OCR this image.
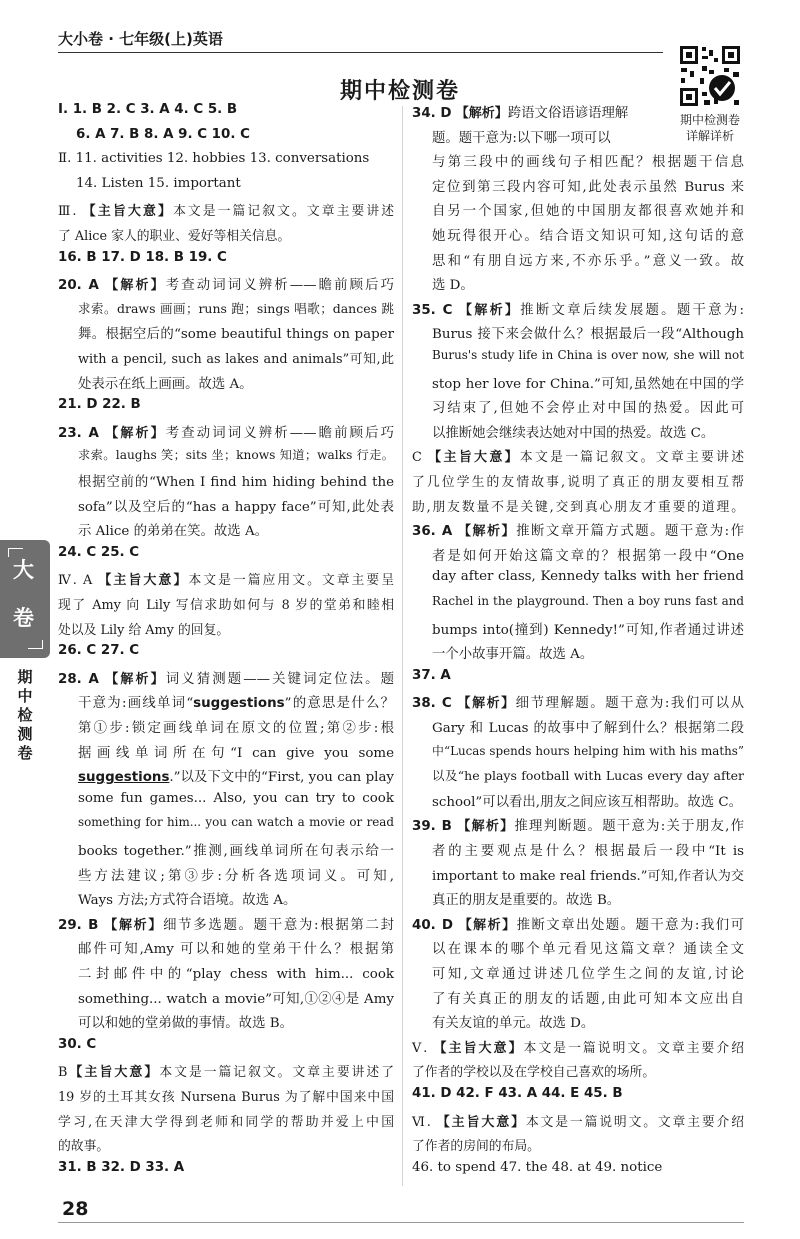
大小卷 · 七年级(上)英语
期中检测卷
期中检测卷
详解详析
大
卷
期
中
检
测
卷
Ⅰ. 1. B 2. C 3. A 4. C 5. B
6. A 7. B 8. A 9. C 10. C
Ⅱ. 11. activities 12. hobbies 13. conversations
14. Listen 15. important
Ⅲ. 【主旨大意】本文是一篇记叙文。文章主要讲述
了 Alice 家人的职业、爱好等相关信息。
16. B 17. D 18. B 19. C
20. A 【解析】考查动词词义辨析——瞻前顾后巧
求索。draws 画画；runs 跑；sings 唱歌；dances 跳
舞。根据空后的“some beautiful things on paper
with a pencil, such as lakes and animals”可知,此
处表示在纸上画画。故选 A。
21. D 22. B
23. A 【解析】考查动词词义辨析——瞻前顾后巧
求索。laughs 笑；sits 坐；knows 知道；walks 行走。
根据空前的“When I find him hiding behind the
sofa”以及空后的“has a happy face”可知,此处表
示 Alice 的弟弟在笑。故选 A。
24. C 25. C
Ⅳ. A 【主旨大意】本文是一篇应用文。文章主要呈
现了 Amy 向 Lily 写信求助如何与 8 岁的堂弟和睦相
处以及 Lily 给 Amy 的回复。
26. C 27. C
28. A 【解析】词义猜测题——关键词定位法。题
干意为:画线单词“suggestions”的意思是什么？
第①步:锁定画线单词在原文的位置;第②步:根
据画线单词所在句“I can give you some
suggestions.”以及下文中的“First, you can play
some fun games... Also, you can try to cook
something for him... you can watch a movie or read
books together.”推测,画线单词所在句表示给一
些方法建议;第③步:分析各选项词义。可知,
Ways 方法;方式符合语境。故选 A。
29. B 【解析】细节多选题。题干意为:根据第二封
邮件可知,Amy 可以和她的堂弟干什么？根据第
二封邮件中的“play chess with him... cook
something... watch a movie”可知,①②④是 Amy
可以和她的堂弟做的事情。故选 B。
30. C
B【主旨大意】本文是一篇记叙文。文章主要讲述了
19 岁的土耳其女孩 Nursena Burus 为了解中国来中国
学习,在天津大学得到老师和同学的帮助并爱上中国
的故事。
31. B 32. D 33. A
34. D 【解析】跨语文俗语谚语理解
题。题干意为:以下哪一项可以
与第三段中的画线句子相匹配？根据题干信息
定位到第三段内容可知,此处表示虽然 Burus 来
自另一个国家,但她的中国朋友都很喜欢她并和
她玩得很开心。结合语文知识可知,这句话的意
思和“有朋自远方来,不亦乐乎。”意义一致。故
选 D。
35. C 【解析】推断文章后续发展题。题干意为:
Burus 接下来会做什么？根据最后一段“Although
Burus's study life in China is over now, she will not
stop her love for China.”可知,虽然她在中国的学
习结束了,但她不会停止对中国的热爱。因此可
以推断她会继续表达她对中国的热爱。故选 C。
C 【主旨大意】本文是一篇记叙文。文章主要讲述
了几位学生的友情故事,说明了真正的朋友要相互帮
助,朋友数量不是关键,交到真心朋友才重要的道理。
36. A 【解析】推断文章开篇方式题。题干意为:作
者是如何开始这篇文章的？根据第一段中“One
day after class, Kennedy talks with her friend
Rachel in the playground. Then a boy runs fast and
bumps into(撞到) Kennedy!”可知,作者通过讲述
一个小故事开篇。故选 A。
37. A
38. C 【解析】细节理解题。题干意为:我们可以从
Gary 和 Lucas 的故事中了解到什么？根据第二段
中“Lucas spends hours helping him with his maths”
以及“he plays football with Lucas every day after
school”可以看出,朋友之间应该互相帮助。故选 C。
39. B 【解析】推理判断题。题干意为:关于朋友,作
者的主要观点是什么？根据最后一段中“It is
important to make real friends.”可知,作者认为交
真正的朋友是重要的。故选 B。
40. D 【解析】推断文章出处题。题干意为:我们可
以在课本的哪个单元看见这篇文章？通读全文
可知,文章通过讲述几位学生之间的友谊,讨论
了有关真正的朋友的话题,由此可知本文应出自
有关友谊的单元。故选 D。
Ⅴ. 【主旨大意】本文是一篇说明文。文章主要介绍
了作者的学校以及在学校自己喜欢的场所。
41. D 42. F 43. A 44. E 45. B
Ⅵ. 【主旨大意】本文是一篇说明文。文章主要介绍
了作者的房间的布局。
46. to spend 47. the 48. at 49. notice
28
